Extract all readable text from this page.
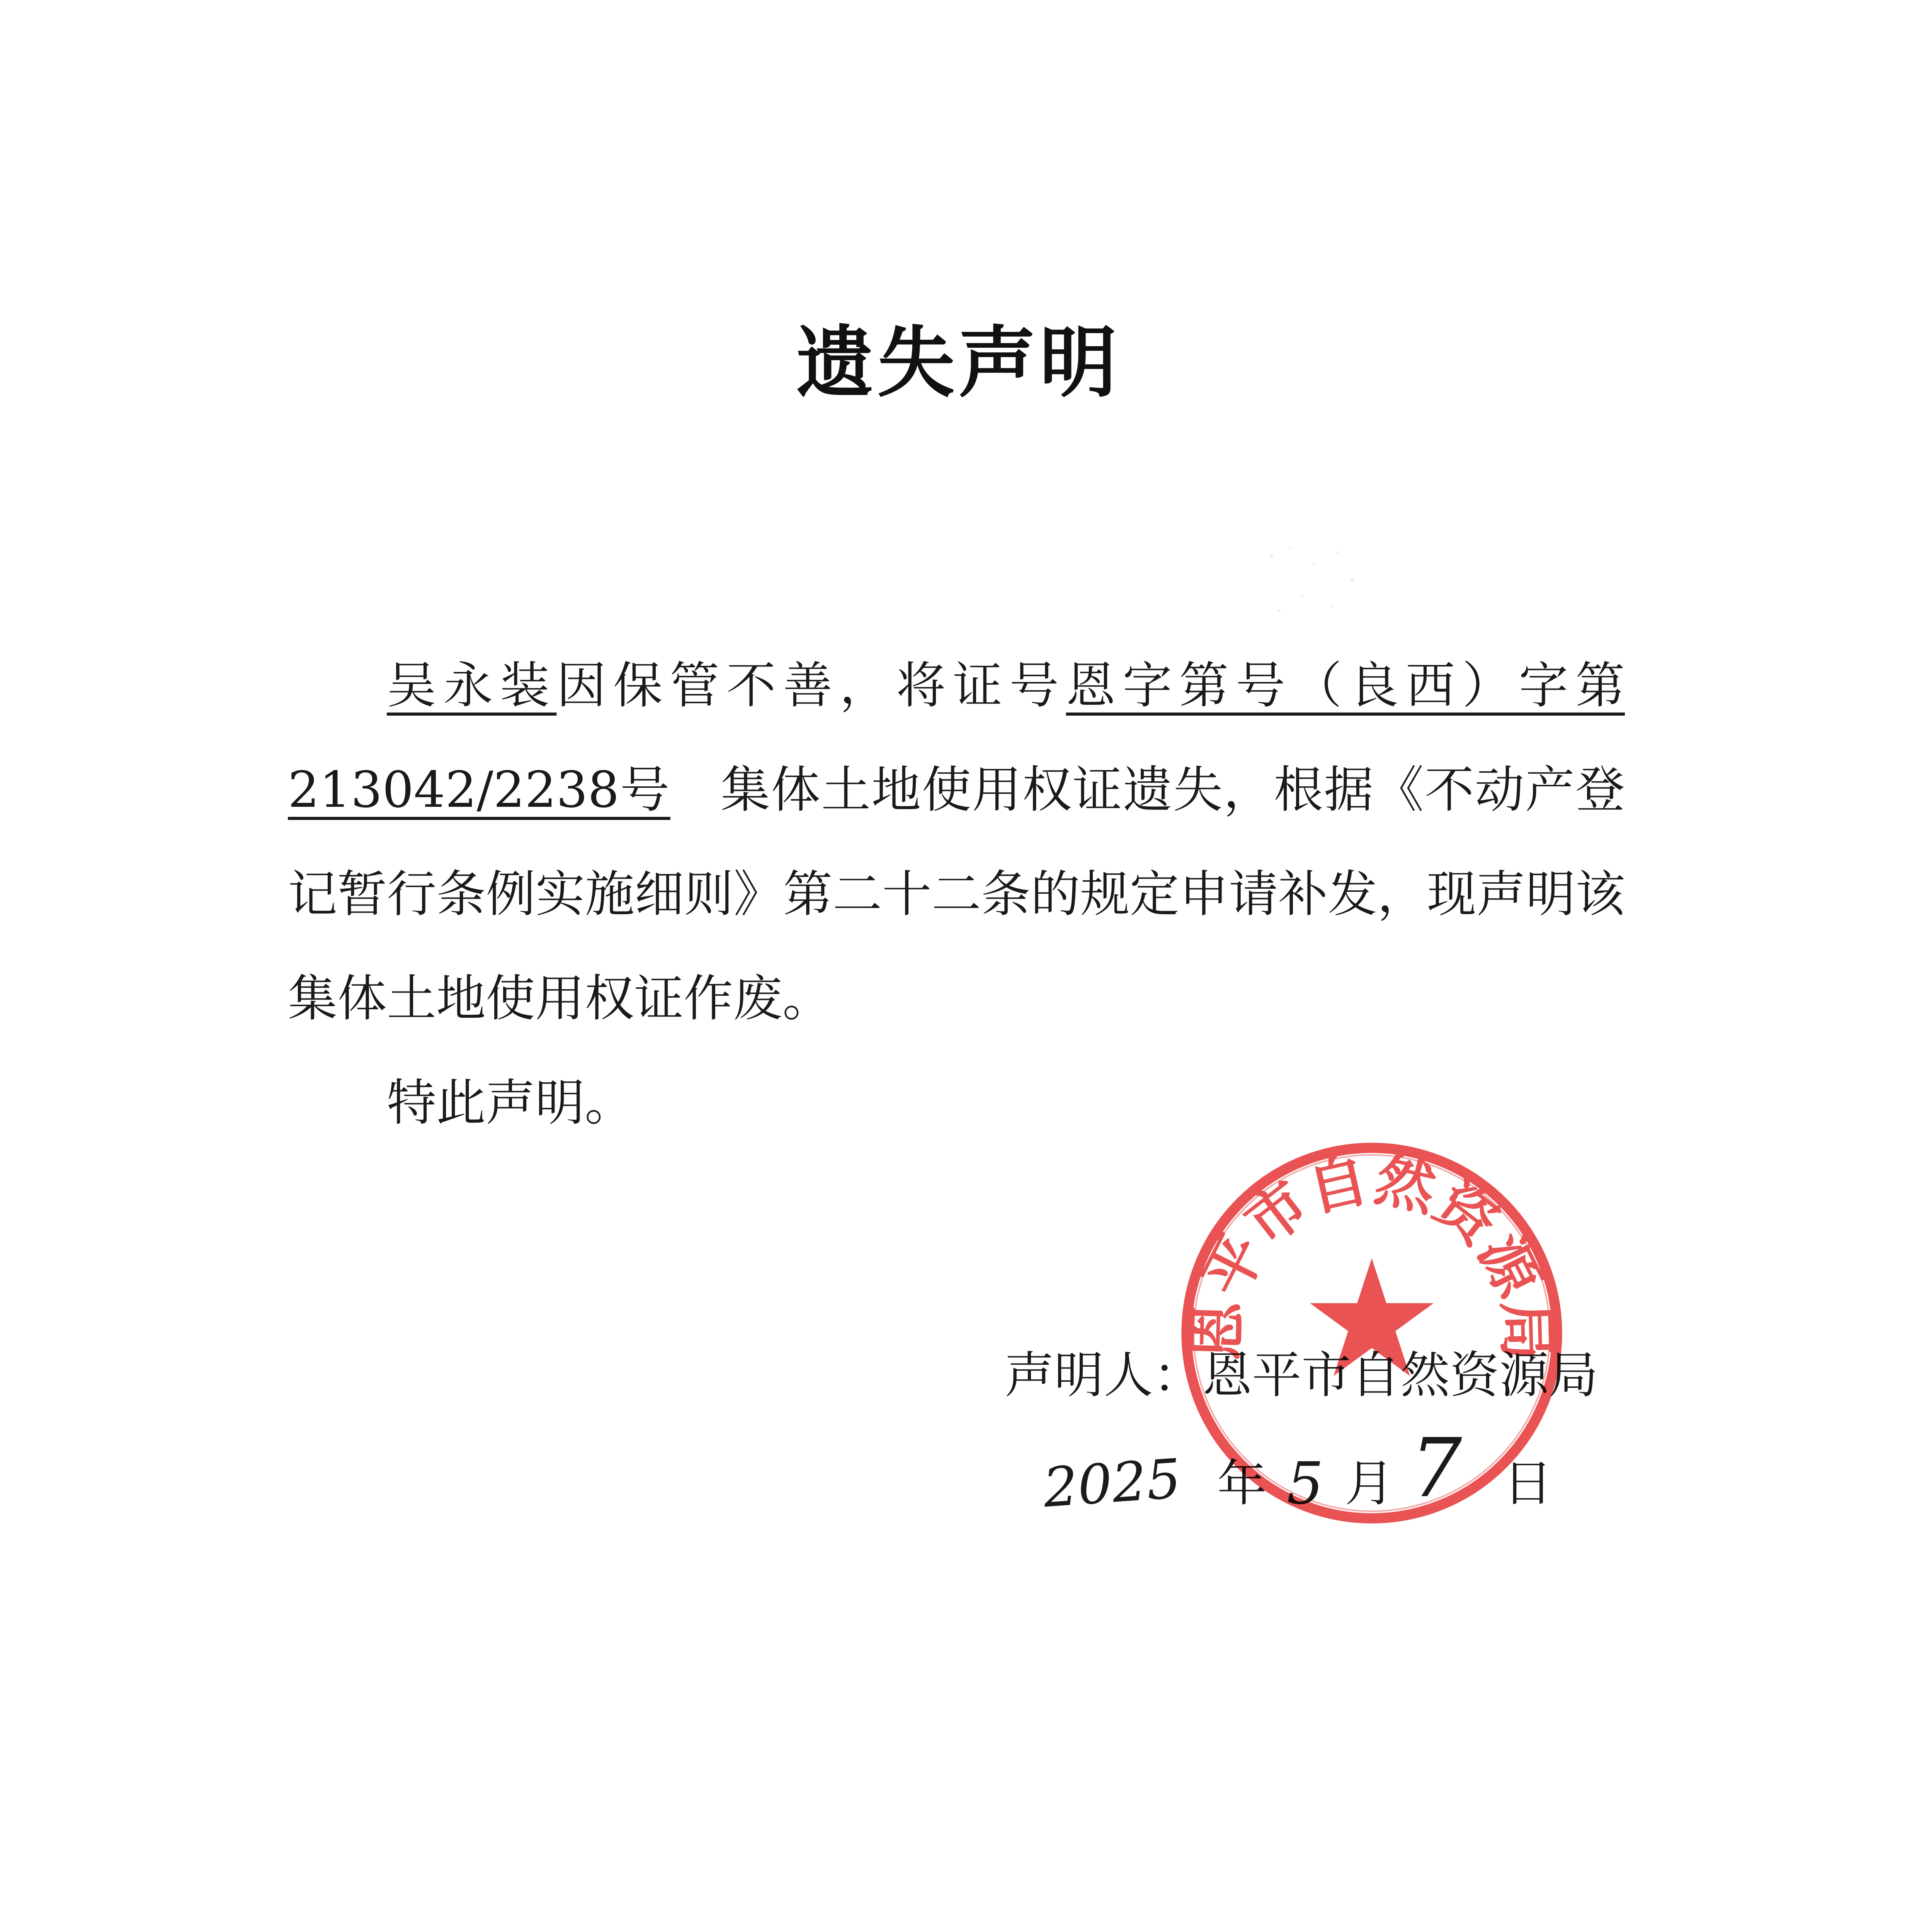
遗失声明

吴永装因保管不善，将证号恩字第号（良西）字第213042/2238号  集体土地使用权证遗失，根据《不动产登记暂行条例实施细则》第二十二条的规定申请补发，现声明该集体土地使用权证作废。

特此声明。

声明人：恩平市自然资源局
2025 年 5 月 7 日
恩平市自然资源局
